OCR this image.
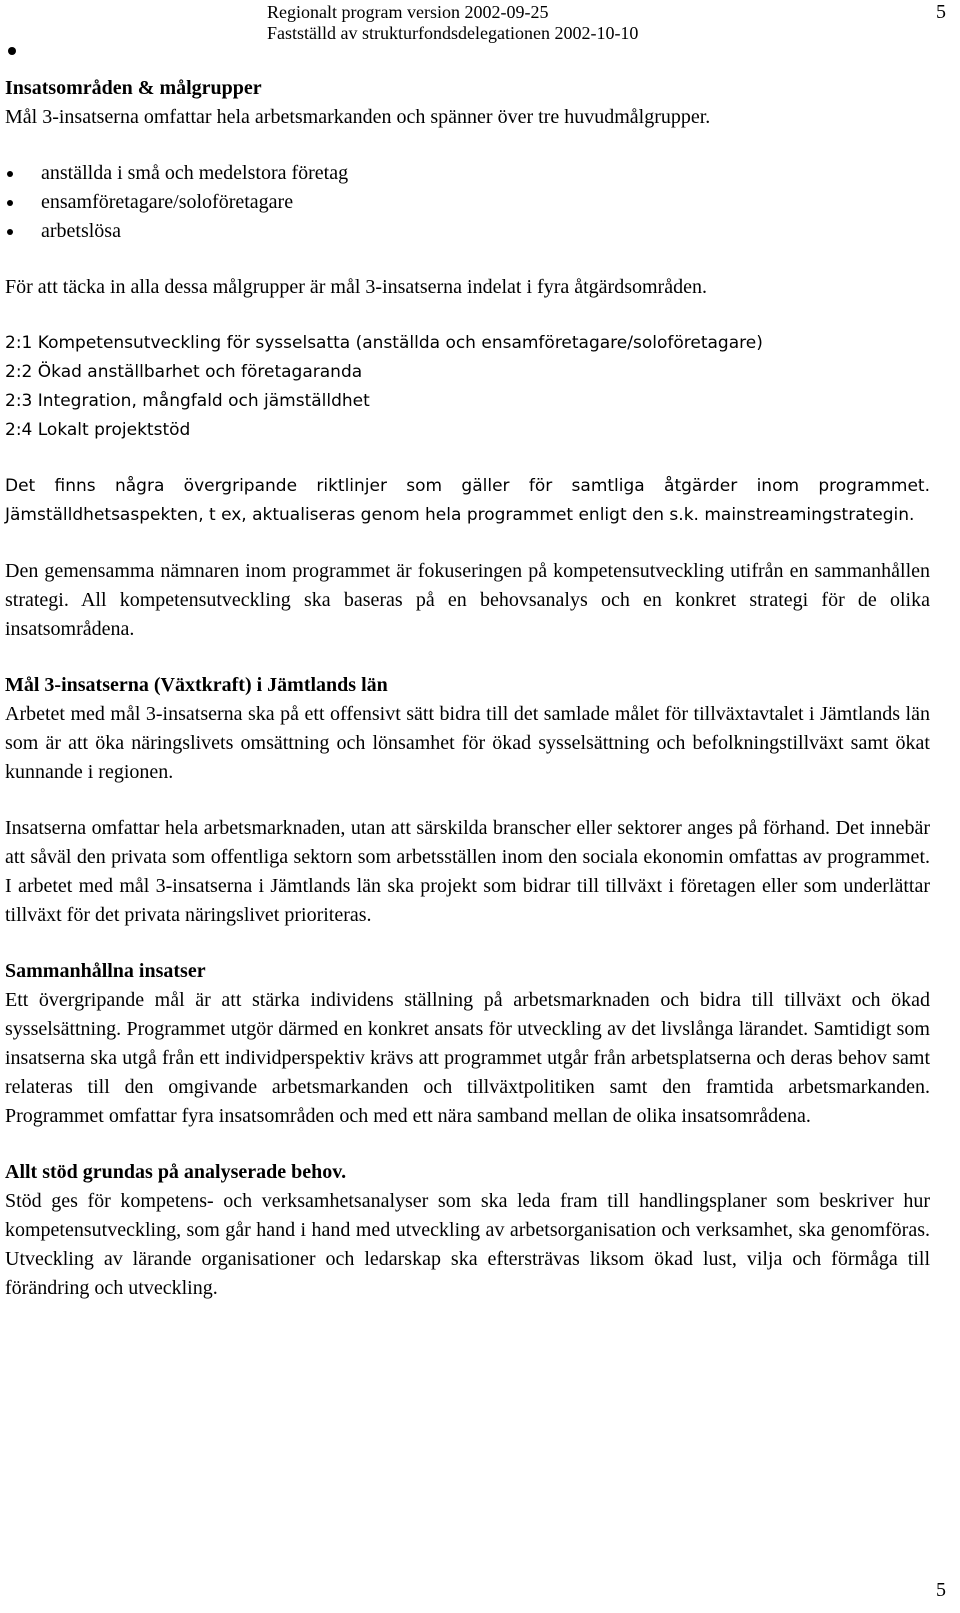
Regionalt program version 2002-09-25
Fastställd av strukturfondsdelegationen 2002-10-10
5
Insatsområden & målgrupper

Mål 3-insatserna omfattar hela arbetsmarkanden och spänner över tre huvudmålgrupper.

anställda i små och medelstora företag
ensamföretagare/soloföretagare
arbetslösa

För att täcka in alla dessa målgrupper är mål 3-insatserna indelat i fyra åtgärdsområden.

2:1 Kompetensutveckling för sysselsatta (anställda och ensamföretagare/soloföretagare)
2:2 Ökad anställbarhet och företagaranda
2:3 Integration, mångfald och jämställdhet
2:4 Lokalt projektstöd

Det finns några övergripande riktlinjer som gäller för samtliga åtgärder inom programmet. Jämställdhetsaspekten, t ex, aktualiseras genom hela programmet enligt den s.k. mainstreamingstrategin.

Den gemensamma nämnaren inom programmet är fokuseringen på kompetensutveckling utifrån en sammanhållen strategi. All kompetensutveckling ska baseras på en behovsanalys och en konkret strategi för de olika insatsområdena.

Mål 3-insatserna (Växtkraft) i Jämtlands län

Arbetet med mål 3-insatserna ska på ett offensivt sätt bidra till det samlade målet för tillväxtavtalet i Jämtlands län som är att öka näringslivets omsättning och lönsamhet för ökad sysselsättning och befolkningstillväxt samt ökat kunnande i regionen.

Insatserna omfattar hela arbetsmarknaden, utan att särskilda branscher eller sektorer anges på förhand. Det innebär att såväl den privata som offentliga sektorn som arbetsställen inom den sociala ekonomin omfattas av programmet. I arbetet med mål 3-insatserna i Jämtlands län ska projekt som bidrar till tillväxt i företagen eller som underlättar tillväxt för det privata näringslivet prioriteras.

Sammanhållna insatser

Ett övergripande mål är att stärka individens ställning på arbetsmarknaden och bidra till tillväxt och ökad sysselsättning. Programmet utgör därmed en konkret ansats för utveckling av det livslånga lärandet. Samtidigt som insatserna ska utgå från ett individperspektiv krävs att programmet utgår från arbetsplatserna och deras behov samt relateras till den omgivande arbetsmarkanden och tillväxtpolitiken samt den framtida arbetsmarkanden. Programmet omfattar fyra insatsområden och med ett nära samband mellan de olika insatsområdena.

Allt stöd grundas på analyserade behov.

Stöd ges för kompetens- och verksamhetsanalyser som ska leda fram till handlingsplaner som beskriver hur kompetensutveckling, som går hand i hand med utveckling av arbetsorganisation och verksamhet, ska genomföras. Utveckling av lärande organisationer och ledarskap ska eftersträvas liksom ökad lust, vilja och förmåga till förändring och utveckling.

5
